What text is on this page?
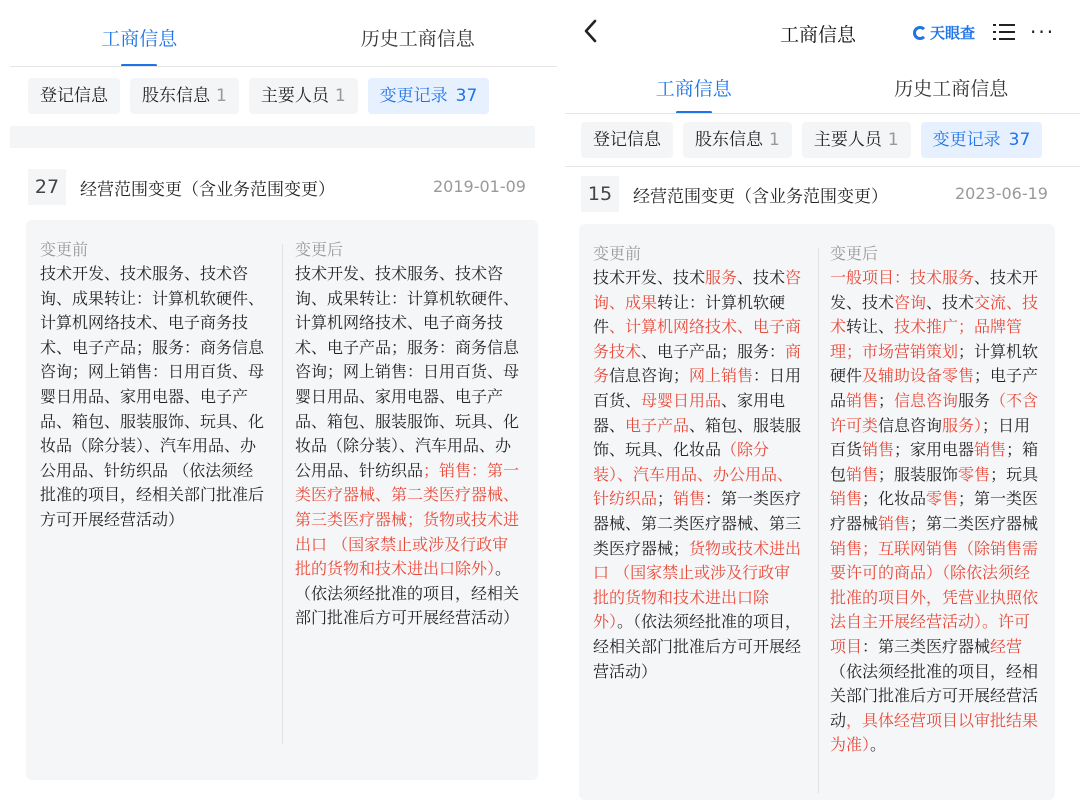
工商信息	历史工商信息
登记信息	股东信息 1	主要人员 1	变更记录 37
27	经营范围变更（含业务范围变更）	2019-01-09
变更前
技术开发、技术服务、技术咨询、成果转让：计算机软硬件、计算机网络技术、电子商务技术、电子产品；服务：商务信息咨询；网上销售：日用百货、母婴日用品、家用电器、电子产品、箱包、服装服饰、玩具、化妆品（除分装）、汽车用品、办公用品、针纺织品 （依法须经批准的项目，经相关部门批准后方可开展经营活动）
变更后
技术开发、技术服务、技术咨询、成果转让：计算机软硬件、计算机网络技术、电子商务技术、电子产品；服务：商务信息咨询；网上销售：日用百货、母婴日用品、家用电器、电子产品、箱包、服装服饰、玩具、化妆品（除分装）、汽车用品、办公用品、针纺织品；销售：第一类医疗器械、第二类医疗器械、第三类医疗器械；货物或技术进出口 （国家禁止或涉及行政审批的货物和技术进出口除外）。（依法须经批准的项目，经相关部门批准后方可开展经营活动）
工商信息	天眼查	···
工商信息	历史工商信息
登记信息	股东信息 1	主要人员 1	变更记录 37
15	经营范围变更（含业务范围变更）	2023-06-19
变更前
技术开发、技术服务、技术咨询、成果转让：计算机软硬件、计算机网络技术、电子商务技术、电子产品；服务：商务信息咨询；网上销售：日用百货、母婴日用品、家用电器、电子产品、箱包、服装服饰、玩具、化妆品（除分装）、汽车用品、办公用品、针纺织品；销售：第一类医疗器械、第二类医疗器械、第三类医疗器械；货物或技术进出口 （国家禁止或涉及行政审批的货物和技术进出口除外）。（依法须经批准的项目，经相关部门批准后方可开展经营活动）
变更后
一般项目：技术服务、技术开发、技术咨询、技术交流、技术转让、技术推广；品牌管理；市场营销策划；计算机软硬件及辅助设备零售；电子产品销售；信息咨询服务（不含许可类信息咨询服务）；日用百货销售；家用电器销售；箱包销售；服装服饰零售；玩具销售；化妆品零售；第一类医疗器械销售；第二类医疗器械销售；互联网销售（除销售需要许可的商品）（除依法须经批准的项目外，凭营业执照依法自主开展经营活动）。许可项目：第三类医疗器械经营（依法须经批准的项目，经相关部门批准后方可开展经营活动，具体经营项目以审批结果为准）。
